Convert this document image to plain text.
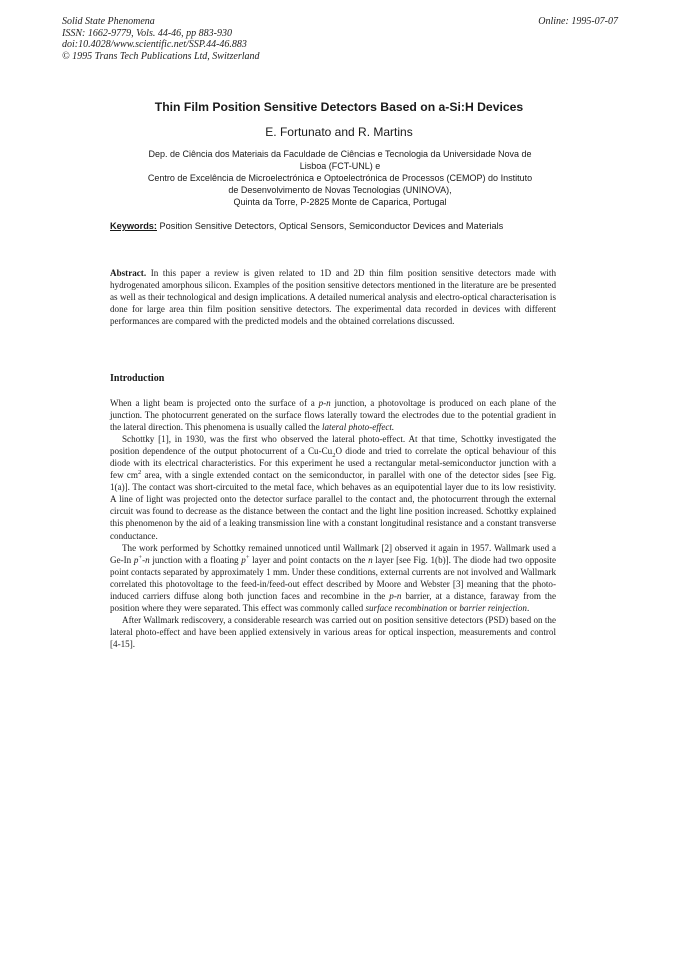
Solid State Phenomena
ISSN: 1662-9779, Vols. 44-46, pp 883-930
doi:10.4028/www.scientific.net/SSP.44-46.883
© 1995 Trans Tech Publications Ltd, Switzerland
Online: 1995-07-07
Thin Film Position Sensitive Detectors Based on a-Si:H Devices
E. Fortunato and R. Martins
Dep. de Ciência dos Materiais da Faculdade de Ciências e Tecnologia da Universidade Nova de
Lisboa (FCT-UNL) e
Centro de Excelência de Microelectrónica e Optoelectrónica de Processos (CEMOP) do Instituto
de Desenvolvimento de Novas Tecnologias (UNINOVA),
Quinta da Torre, P-2825 Monte de Caparica, Portugal
Keywords: Position Sensitive Detectors, Optical Sensors, Semiconductor Devices and Materials
Abstract. In this paper a review is given related to 1D and 2D thin film position sensitive detectors made with hydrogenated amorphous silicon. Examples of the position sensitive detectors mentioned in the literature are be presented as well as their technological and design implications. A detailed numerical analysis and electro-optical characterisation is done for large area thin film position sensitive detectors. The experimental data recorded in devices with different performances are compared with the predicted models and the obtained correlations discussed.
Introduction

When a light beam is projected onto the surface of a p-n junction, a photovoltage is produced on each plane of the junction. The photocurrent generated on the surface flows laterally toward the electrodes due to the potential gradient in the lateral direction. This phenomena is usually called the lateral photo-effect.

Schottky [1], in 1930, was the first who observed the lateral photo-effect. At that time, Schottky investigated the position dependence of the output photocurrent of a $Cu-Cu_2O$ diode and tried to correlate the optical behaviour of this diode with its electrical characteristics. For this experiment he used a rectangular metal-semiconductor junction with a few $cm^2$ area, with a single extended contact on the semiconductor, in parallel with one of the detector sides [see Fig. 1(a)]. The contact was short-circuited to the metal face, which behaves as an equipotential layer due to its low resistivity. A line of light was projected onto the detector surface parallel to the contact and, the photocurrent through the external circuit was found to decrease as the distance between the contact and the light line position increased. Schottky explained this phenomenon by the aid of a leaking transmission line with a constant longitudinal resistance and a constant transverse conductance.

The work performed by Schottky remained unnoticed until Wallmark [2] observed it again in 1957. Wallmark used a Ge-In p+-n junction with a floating p+ layer and point contacts on the n layer [see Fig. 1(b)]. The diode had two opposite point contacts separated by approximately 1 mm. Under these conditions, external currents are not involved and Wallmark correlated this photovoltage to the feed-in/feed-out effect described by Moore and Webster [3] meaning that the photo-induced carriers diffuse along both junction faces and recombine in the p-n barrier, at a distance, faraway from the position where they were separated. This effect was commonly called surface recombination or barrier reinjection.

After Wallmark rediscovery, a considerable research was carried out on position sensitive detectors (PSD) based on the lateral photo-effect and have been applied extensively in various areas for optical inspection, measurements and control [4-15].
